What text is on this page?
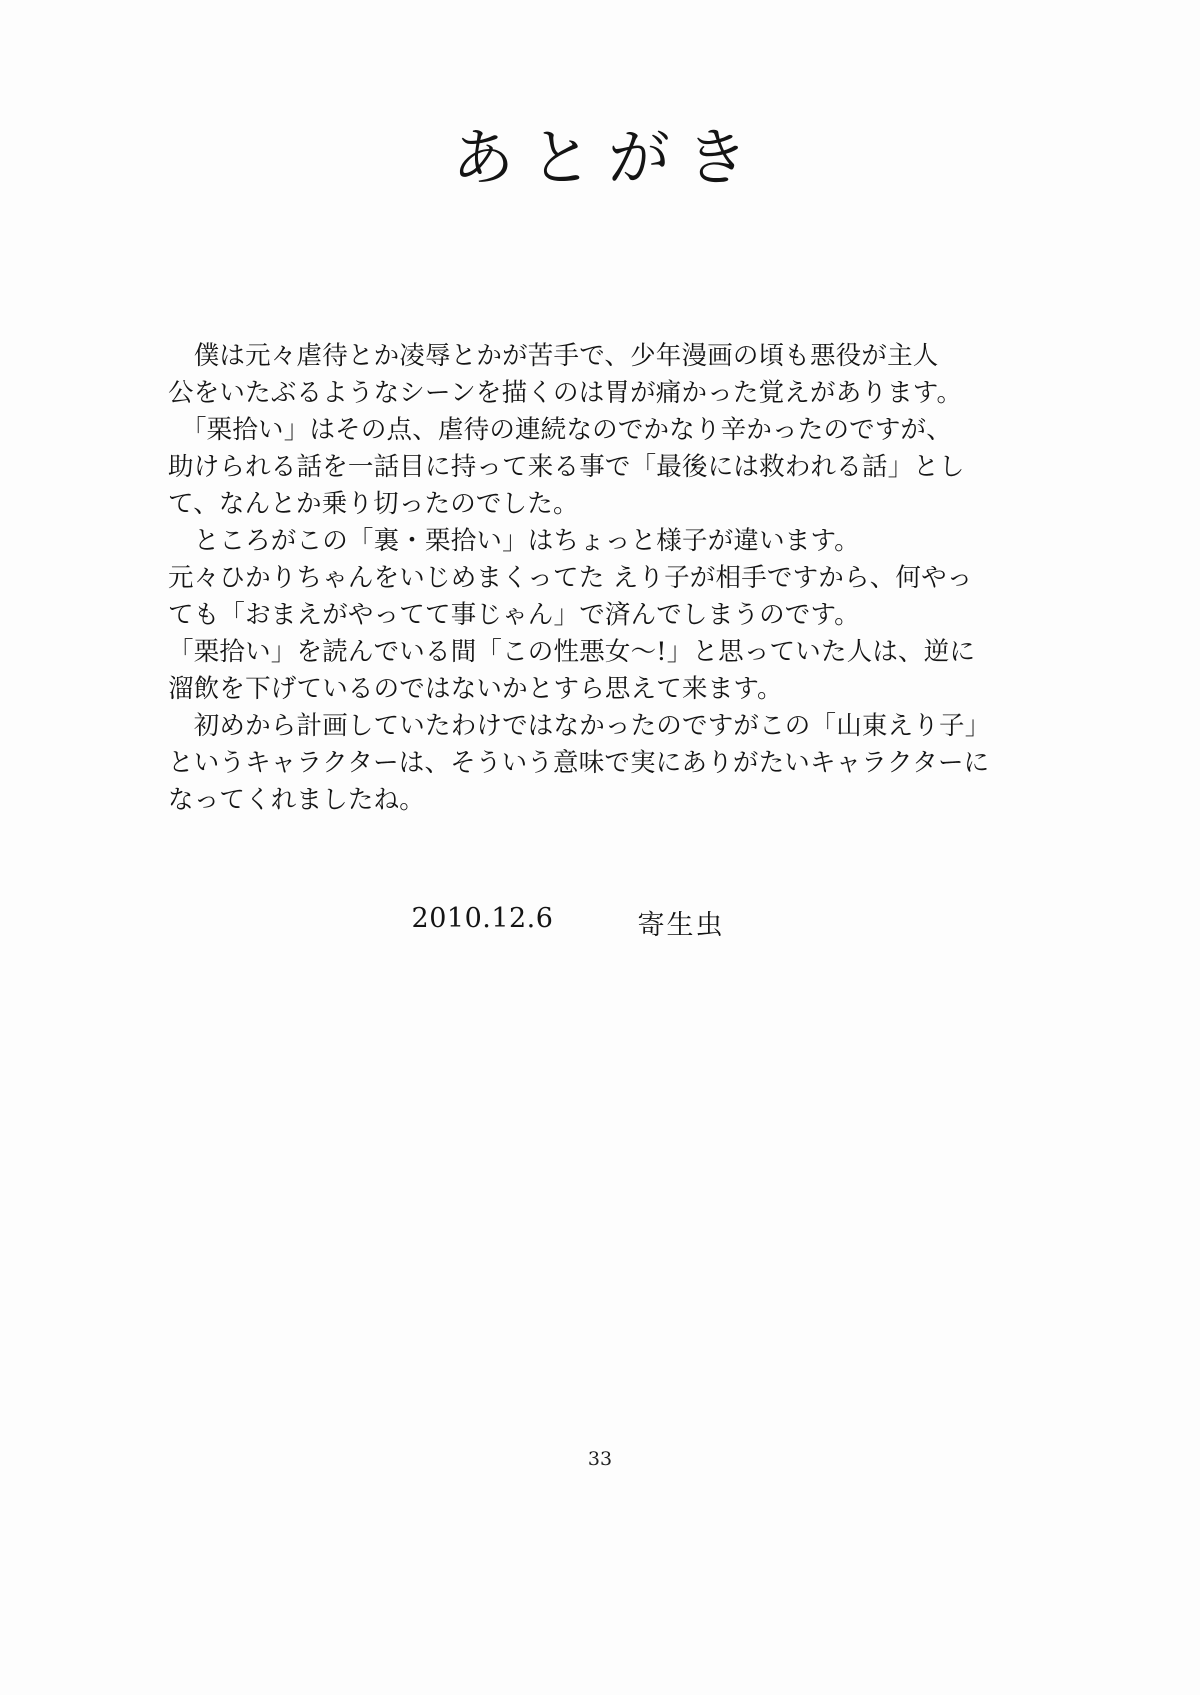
あとがき
　僕は元々虐待とか凌辱とかが苦手で、少年漫画の頃も悪役が主人
公をいたぶるようなシーンを描くのは胃が痛かった覚えがあります。
　「栗拾い」はその点、虐待の連続なのでかなり辛かったのですが、
助けられる話を一話目に持って来る事で「最後には救われる話」とし
て、なんとか乗り切ったのでした。
　ところがこの「裏・栗拾い」はちょっと様子が違います。
元々ひかりちゃんをいじめまくってた えり子が相手ですから、何やっ
ても「おまえがやってて事じゃん」で済んでしまうのです。
「栗拾い」を読んでいる間「この性悪女〜!」と思っていた人は、逆に
溜飲を下げているのではないかとすら思えて来ます。
　初めから計画していたわけではなかったのですがこの「山東えり子」
というキャラクターは、そういう意味で実にありがたいキャラクターに
なってくれましたね。
2010.12.6	寄生虫
33
